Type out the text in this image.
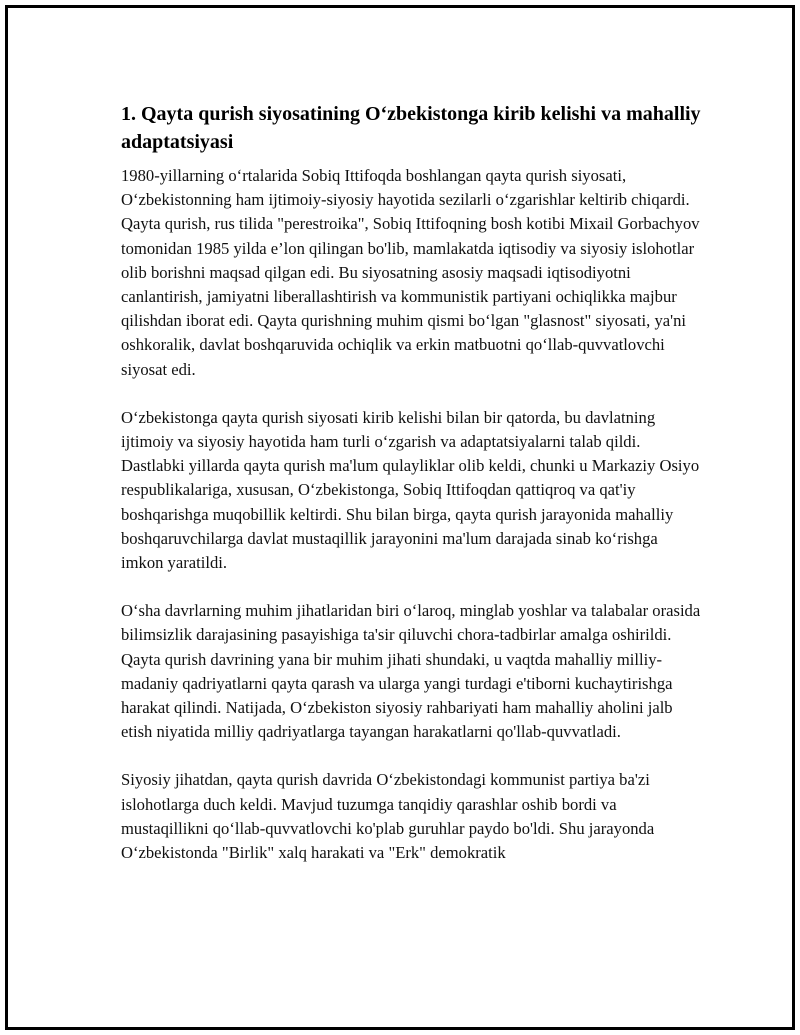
1. Qayta qurish siyosatining O‘zbekistonga kirib kelishi va mahalliy adaptatsiyasi

1980-yillarning o‘rtalarida Sobiq Ittifoqda boshlangan qayta qurish siyosati, O‘zbekistonning ham ijtimoiy-siyosiy hayotida sezilarli o‘zgarishlar keltirib chiqardi. Qayta qurish, rus tilida "perestroika", Sobiq Ittifoqning bosh kotibi Mixail Gorbachyov tomonidan 1985 yilda e’lon qilingan bo'lib, mamlakatda iqtisodiy va siyosiy islohotlar olib borishni maqsad qilgan edi. Bu siyosatning asosiy maqsadi iqtisodiyotni canlantirish, jamiyatni liberallashtirish va kommunistik partiyani ochiqlikka majbur qilishdan iborat edi. Qayta qurishning muhim qismi bo‘lgan "glasnost" siyosati, ya'ni oshkoralik, davlat boshqaruvida ochiqlik va erkin matbuotni qo‘llab-quvvatlovchi siyosat edi.

O‘zbekistonga qayta qurish siyosati kirib kelishi bilan bir qatorda, bu davlatning ijtimoiy va siyosiy hayotida ham turli o‘zgarish va adaptatsiyalarni talab qildi. Dastlabki yillarda qayta qurish ma'lum qulayliklar olib keldi, chunki u Markaziy Osiyo respublikalariga, xususan, O‘zbekistonga, Sobiq Ittifoqdan qattiqroq va qat'iy boshqarishga muqobillik keltirdi. Shu bilan birga, qayta qurish jarayonida mahalliy boshqaruvchilarga davlat mustaqillik jarayonini ma'lum darajada sinab ko‘rishga imkon yaratildi.

O‘sha davrlarning muhim jihatlaridan biri o‘laroq, minglab yoshlar va talabalar orasida bilimsizlik darajasining pasayishiga ta'sir qiluvchi chora-tadbirlar amalga oshirildi. Qayta qurish davrining yana bir muhim jihati shundaki, u vaqtda mahalliy milliy-madaniy qadriyatlarni qayta qarash va ularga yangi turdagi e'tiborni kuchaytirishga harakat qilindi. Natijada, O‘zbekiston siyosiy rahbariyati ham mahalliy aholini jalb etish niyatida milliy qadriyatlarga tayangan harakatlarni qo'llab-quvvatladi.

Siyosiy jihatdan, qayta qurish davrida O‘zbekistondagi kommunist partiya ba'zi islohotlarga duch keldi. Mavjud tuzumga tanqidiy qarashlar oshib bordi va mustaqillikni qo‘llab-quvvatlovchi ko'plab guruhlar paydo bo'ldi. Shu jarayonda O‘zbekistonda "Birlik" xalq harakati va "Erk" demokratik
